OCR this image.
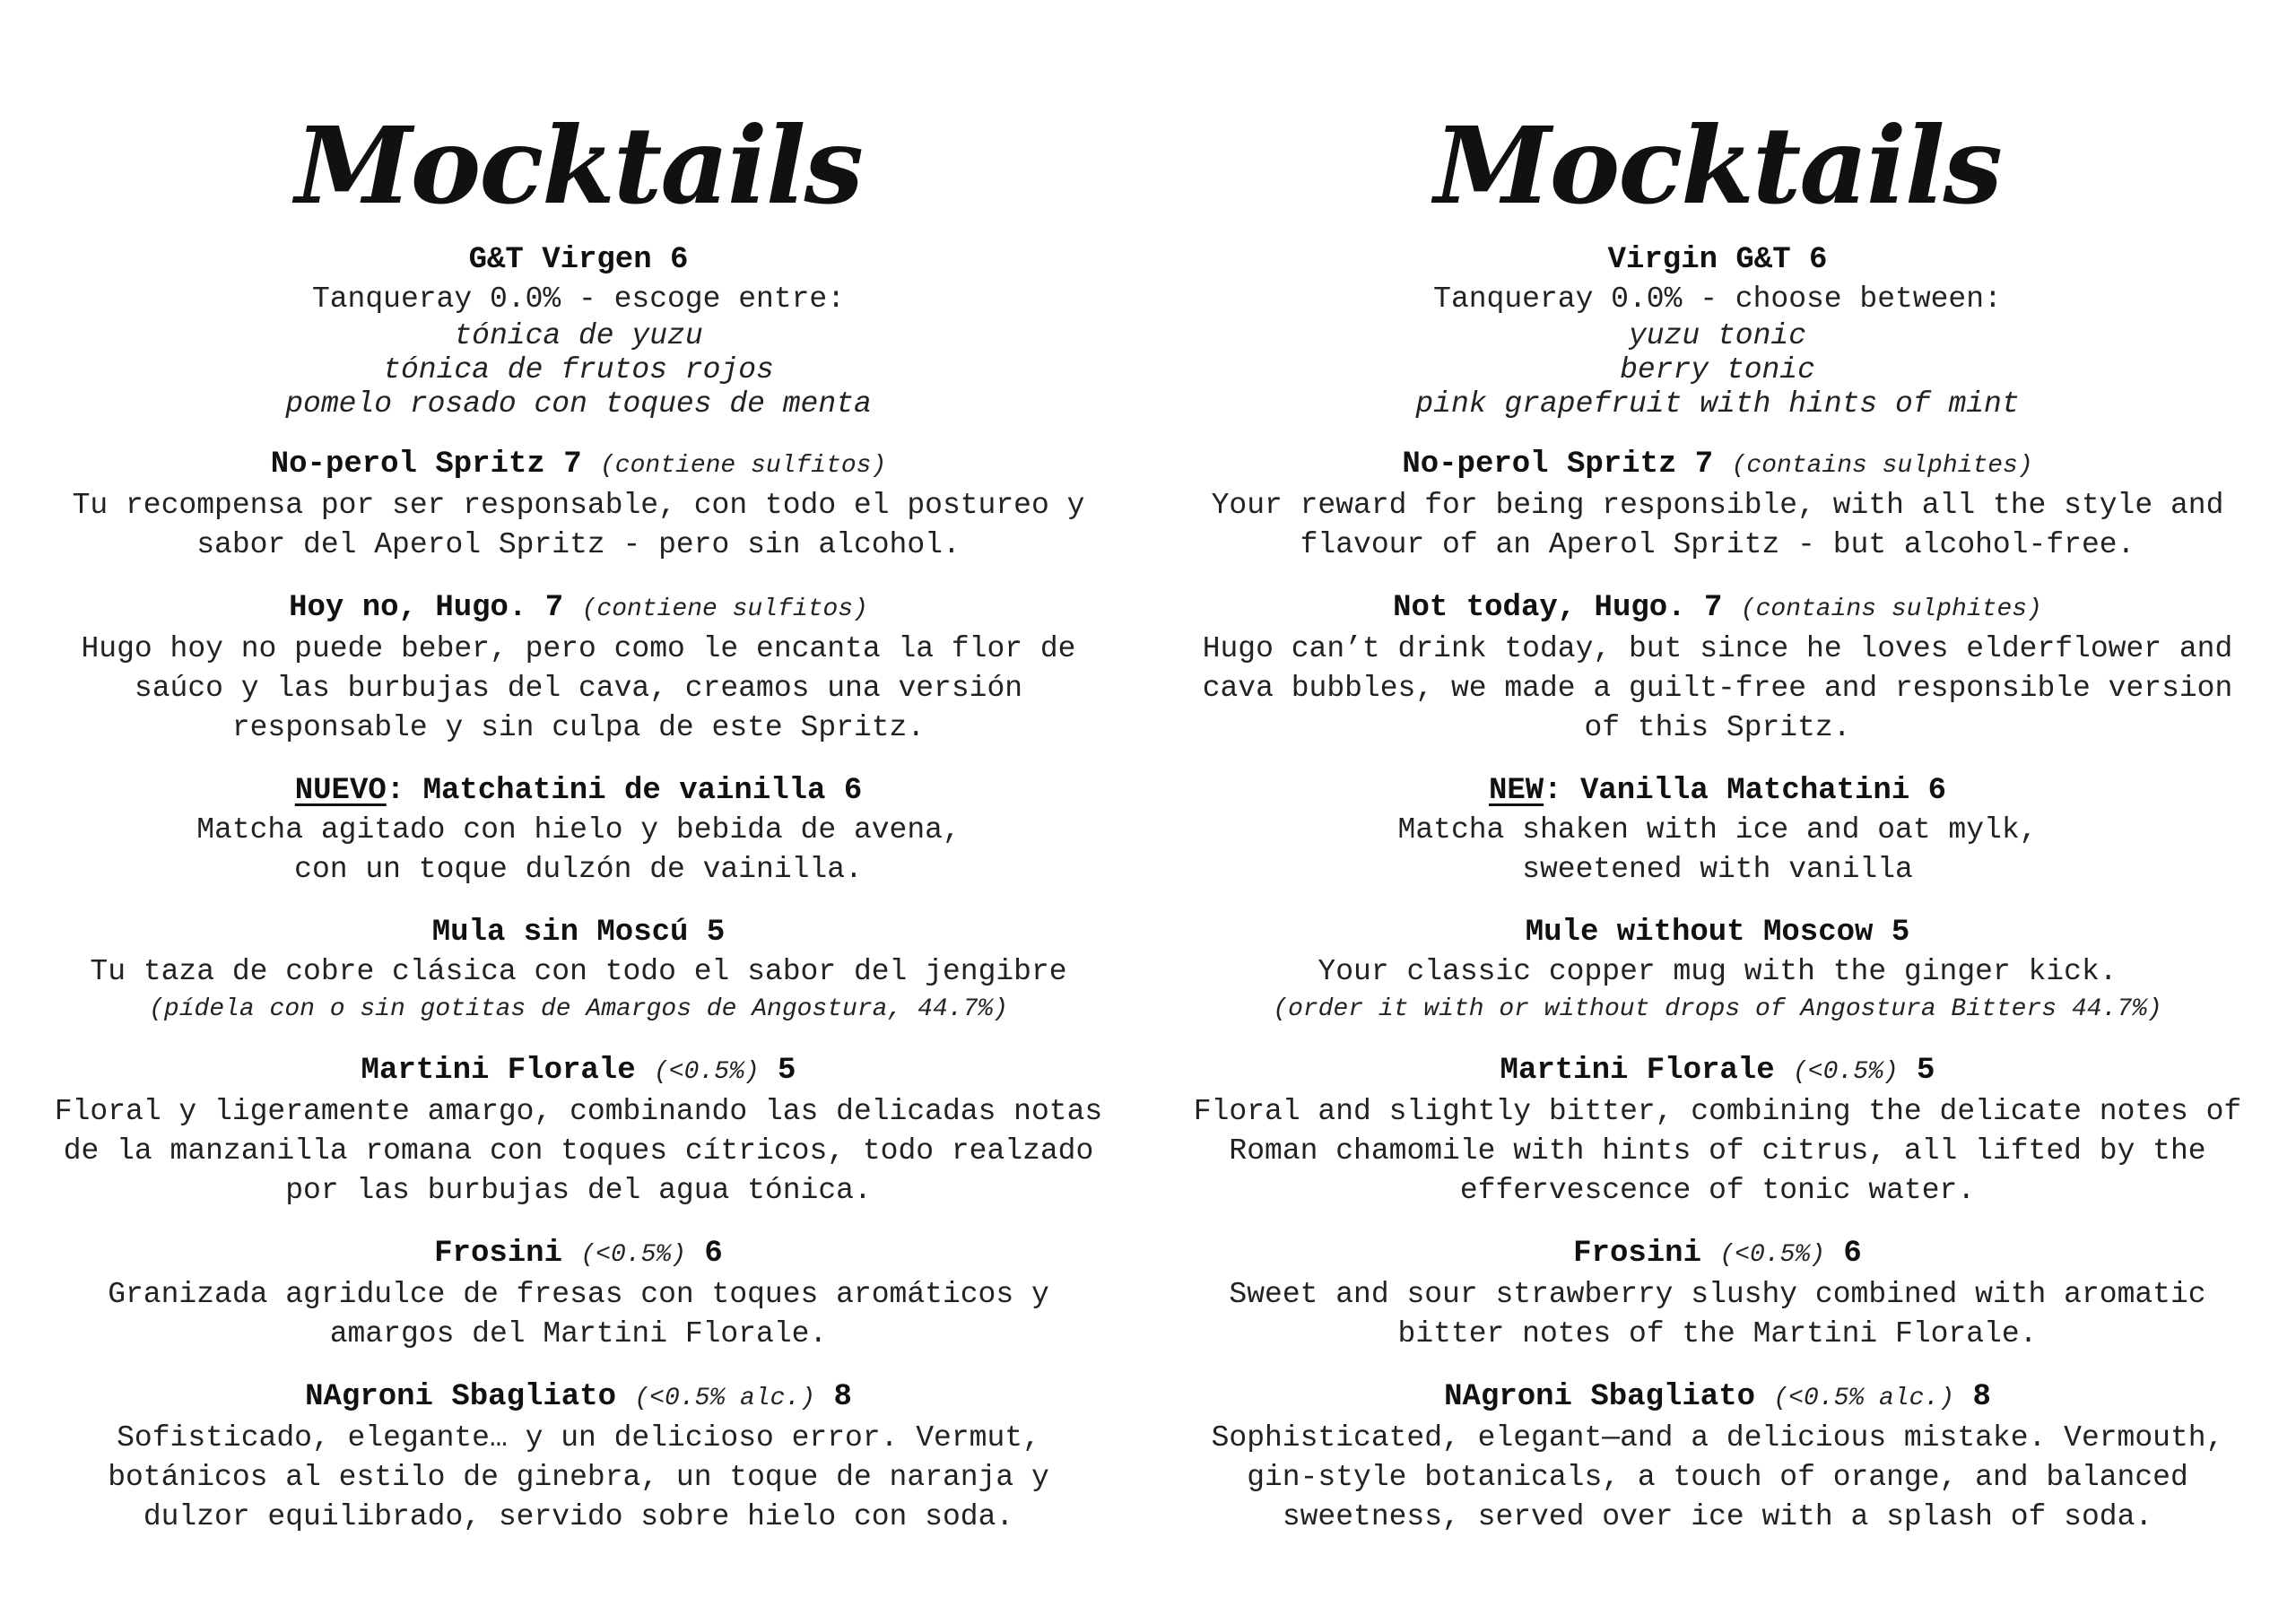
Mocktails
G&T Virgen 6
Tanqueray 0.0% - escoge entre:
tónica de yuzu
tónica de frutos rojos
pomelo rosado con toques de menta
No-perol Spritz 7 (contiene sulfitos)
Tu recompensa por ser responsable, con todo el postureo y
sabor del Aperol Spritz - pero sin alcohol.
Hoy no, Hugo. 7 (contiene sulfitos)
Hugo hoy no puede beber, pero como le encanta la flor de
saúco y las burbujas del cava, creamos una versión
responsable y sin culpa de este Spritz.
NUEVO: Matchatini de vainilla 6
Matcha agitado con hielo y bebida de avena,
con un toque dulzón de vainilla.
Mula sin Moscú 5
Tu taza de cobre clásica con todo el sabor del jengibre
(pídela con o sin gotitas de Amargos de Angostura, 44.7%)
Martini Florale (<0.5%) 5
Floral y ligeramente amargo, combinando las delicadas notas
de la manzanilla romana con toques cítricos, todo realzado
por las burbujas del agua tónica.
Frosini (<0.5%) 6
Granizada agridulce de fresas con toques aromáticos y
amargos del Martini Florale.
NAgroni Sbagliato (<0.5% alc.) 8
Sofisticado, elegante… y un delicioso error. Vermut,
botánicos al estilo de ginebra, un toque de naranja y
dulzor equilibrado, servido sobre hielo con soda.
Mocktails
Virgin G&T 6
Tanqueray 0.0% - choose between:
yuzu tonic
berry tonic
pink grapefruit with hints of mint
No-perol Spritz 7 (contains sulphites)
Your reward for being responsible, with all the style and
flavour of an Aperol Spritz - but alcohol-free.
Not today, Hugo. 7 (contains sulphites)
Hugo can’t drink today, but since he loves elderflower and
cava bubbles, we made a guilt-free and responsible version
of this Spritz.
NEW: Vanilla Matchatini 6
Matcha shaken with ice and oat mylk,
sweetened with vanilla
Mule without Moscow 5
Your classic copper mug with the ginger kick.
(order it with or without drops of Angostura Bitters 44.7%)
Martini Florale (<0.5%) 5
Floral and slightly bitter, combining the delicate notes of
Roman chamomile with hints of citrus, all lifted by the
effervescence of tonic water.
Frosini (<0.5%) 6
Sweet and sour strawberry slushy combined with aromatic
bitter notes of the Martini Florale.
NAgroni Sbagliato (<0.5% alc.) 8
Sophisticated, elegant—and a delicious mistake. Vermouth,
gin-style botanicals, a touch of orange, and balanced
sweetness, served over ice with a splash of soda.
